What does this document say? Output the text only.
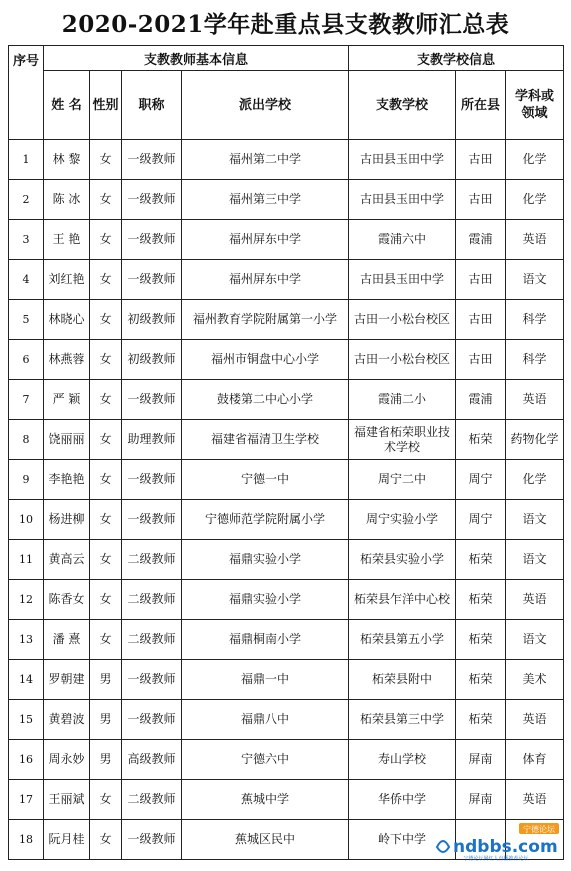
2020-2021学年赴重点县支教教师汇总表
序号	支教教师基本信息				支教学校信息		
	姓 名	性别	职称	派出学校	支教学校	所在县	学科或领域
1	林 黎	女	一级教师	福州第二中学	古田县玉田中学	古田	化学
2	陈 冰	女	一级教师	福州第三中学	古田县玉田中学	古田	化学
3	王 艳	女	一级教师	福州屏东中学	霞浦六中	霞浦	英语
4	刘红艳	女	一级教师	福州屏东中学	古田县玉田中学	古田	语文
5	林晓心	女	初级教师	福州教育学院附属第一小学	古田一小松台校区	古田	科学
6	林燕蓉	女	初级教师	福州市铜盘中心小学	古田一小松台校区	古田	科学
7	严 颖	女	一级教师	鼓楼第二中心小学	霞浦二小	霞浦	英语
8	饶丽丽	女	助理教师	福建省福清卫生学校	福建省柘荣职业技术学校	柘荣	药物化学
9	李艳艳	女	一级教师	宁德一中	周宁二中	周宁	化学
10	杨进柳	女	一级教师	宁德师范学院附属小学	周宁实验小学	周宁	语文
11	黄高云	女	二级教师	福鼎实验小学	柘荣县实验小学	柘荣	语文
12	陈香女	女	二级教师	福鼎实验小学	柘荣县乍洋中心校	柘荣	英语
13	潘 熹	女	二级教师	福鼎桐南小学	柘荣县第五小学	柘荣	语文
14	罗朝建	男	一级教师	福鼎一中	柘荣县附中	柘荣	美术
15	黄碧波	男	一级教师	福鼎八中	柘荣县第三中学	柘荣	英语
16	周永妙	男	高级教师	宁德六中	寿山学校	屏南	体育
17	王丽斌	女	二级教师	蕉城中学	华侨中学	屏南	英语
18	阮月桂	女	一级教师	蕉城区民中	岭下中学		
宁德论坛
ndbbs.com
宁德论坛网红人直播推荐论坛
